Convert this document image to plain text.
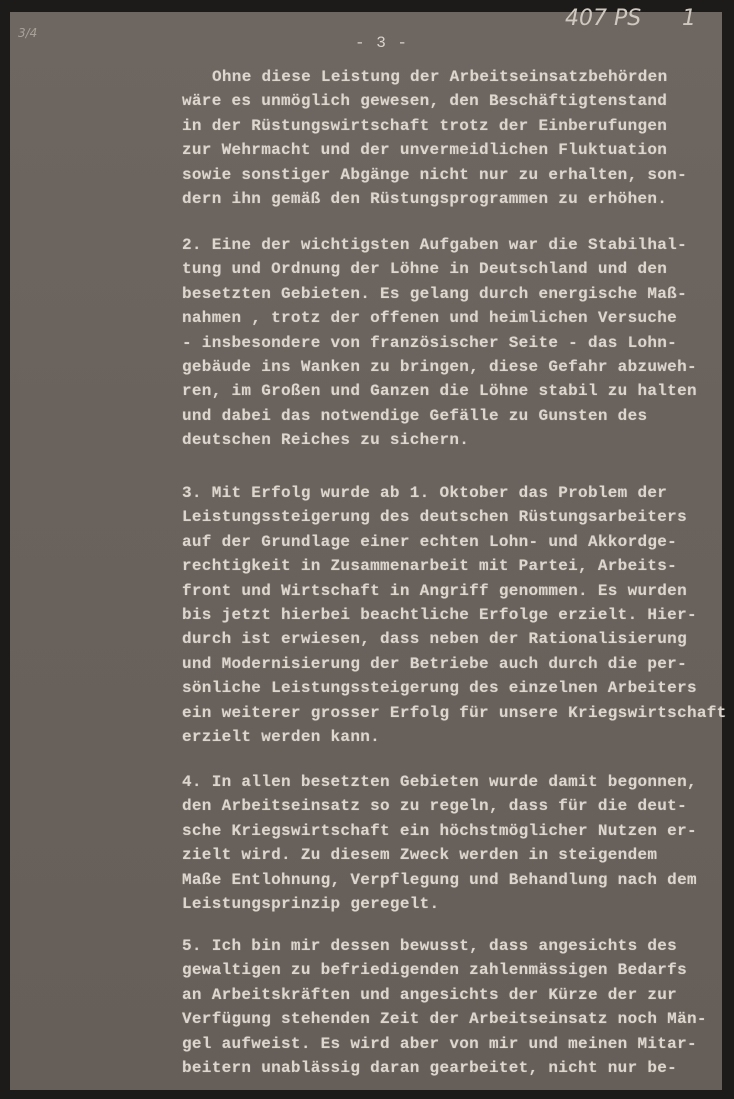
3/4
407 PS 1
- 3 -
Ohne diese Leistung der Arbeitseinsatzbehörden
wäre es unmöglich gewesen, den Beschäftigtenstand
in der Rüstungswirtschaft trotz der Einberufungen
zur Wehrmacht und der unvermeidlichen Fluktuation
sowie sonstiger Abgänge nicht nur zu erhalten, son-
dern ihn gemäß den Rüstungsprogrammen zu erhöhen.
2. Eine der wichtigsten Aufgaben war die Stabilhal-
tung und Ordnung der Löhne in Deutschland und den
besetzten Gebieten. Es gelang durch energische Maß-
nahmen , trotz der offenen und heimlichen Versuche
- insbesondere von französischer Seite - das Lohn-
gebäude ins Wanken zu bringen, diese Gefahr abzuweh-
ren, im Großen und Ganzen die Löhne stabil zu halten
und dabei das notwendige Gefälle zu Gunsten des
deutschen Reiches zu sichern.
3. Mit Erfolg wurde ab 1. Oktober das Problem der
Leistungssteigerung des deutschen Rüstungsarbeiters
auf der Grundlage einer echten Lohn- und Akkordge-
rechtigkeit in Zusammenarbeit mit Partei, Arbeits-
front und Wirtschaft in Angriff genommen. Es wurden
bis jetzt hierbei beachtliche Erfolge erzielt. Hier-
durch ist erwiesen, dass neben der Rationalisierung
und Modernisierung der Betriebe auch durch die per-
sönliche Leistungssteigerung des einzelnen Arbeiters
ein weiterer grosser Erfolg für unsere Kriegswirtschaft
erzielt werden kann.
4. In allen besetzten Gebieten wurde damit begonnen,
den Arbeitseinsatz so zu regeln, dass für die deut-
sche Kriegswirtschaft ein höchstmöglicher Nutzen er-
zielt wird. Zu diesem Zweck werden in steigendem
Maße Entlohnung, Verpflegung und Behandlung nach dem
Leistungsprinzip geregelt.
5. Ich bin mir dessen bewusst, dass angesichts des
gewaltigen zu befriedigenden zahlenmässigen Bedarfs
an Arbeitskräften und angesichts der Kürze der zur
Verfügung stehenden Zeit der Arbeitseinsatz noch Män-
gel aufweist. Es wird aber von mir und meinen Mitar-
beitern unablässig daran gearbeitet, nicht nur be-
